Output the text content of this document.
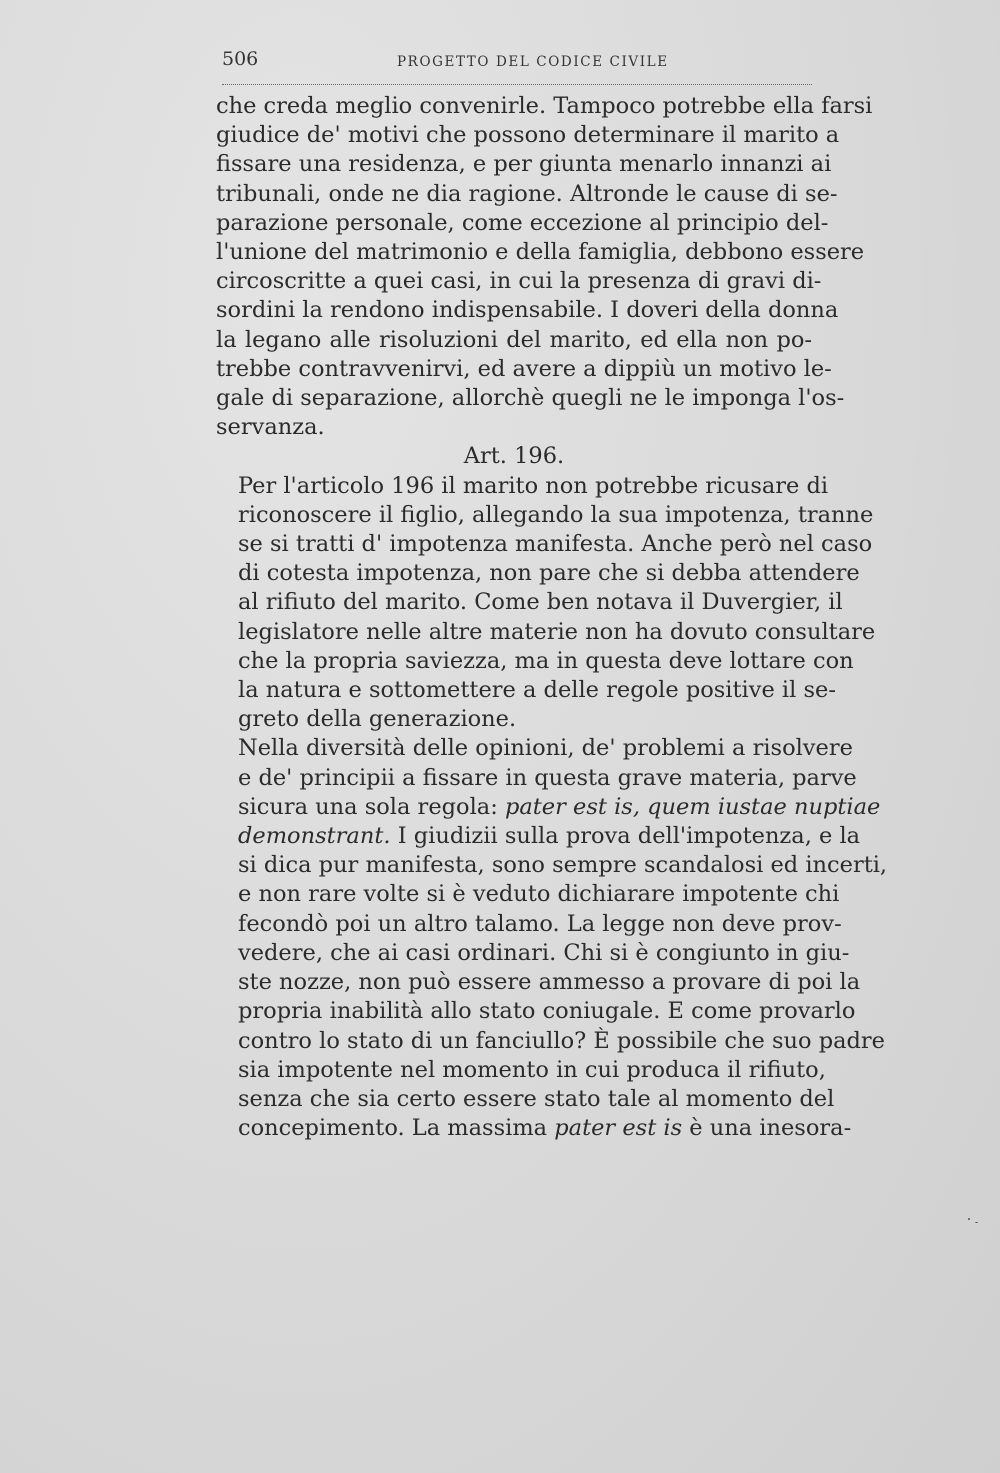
506	PROGETTO DEL CODICE CIVILE

che creda meglio convenirle. Tampoco potrebbe ella farsi
giudice de' motivi che possono determinare il marito a
fissare una residenza, e per giunta menarlo innanzi ai
tribunali, onde ne dia ragione. Altronde le cause di se-
parazione personale, come eccezione al principio del-
l'unione del matrimonio e della famiglia, debbono essere
circoscritte a quei casi, in cui la presenza di gravi di-
sordini la rendono indispensabile. I doveri della donna
la legano alle risoluzioni del marito, ed ella non po-
trebbe contravvenirvi, ed avere a dippiù un motivo le-
gale di separazione, allorchè quegli ne le imponga l'os-
servanza.

Art. 196.

Per l'articolo 196 il marito non potrebbe ricusare di
riconoscere il figlio, allegando la sua impotenza, tranne
se si tratti d' impotenza manifesta. Anche però nel caso
di cotesta impotenza, non pare che si debba attendere
al rifiuto del marito. Come ben notava il Duvergier, il
legislatore nelle altre materie non ha dovuto consultare
che la propria saviezza, ma in questa deve lottare con
la natura e sottomettere a delle regole positive il se-
greto della generazione.

Nella diversità delle opinioni, de' problemi a risolvere
e de' principii a fissare in questa grave materia, parve
sicura una sola regola: pater est is, quem iustae nuptiae
demonstrant. I giudizii sulla prova dell'impotenza, e la
si dica pur manifesta, sono sempre scandalosi ed incerti,
e non rare volte si è veduto dichiarare impotente chi
fecondò poi un altro talamo. La legge non deve prov-
vedere, che ai casi ordinari. Chi si è congiunto in giu-
ste nozze, non può essere ammesso a provare di poi la
propria inabilità allo stato coniugale. E come provarlo
contro lo stato di un fanciullo? È possibile che suo padre
sia impotente nel momento in cui produca il rifiuto,
senza che sia certo essere stato tale al momento del
concepimento. La massima pater est is è una inesora-
